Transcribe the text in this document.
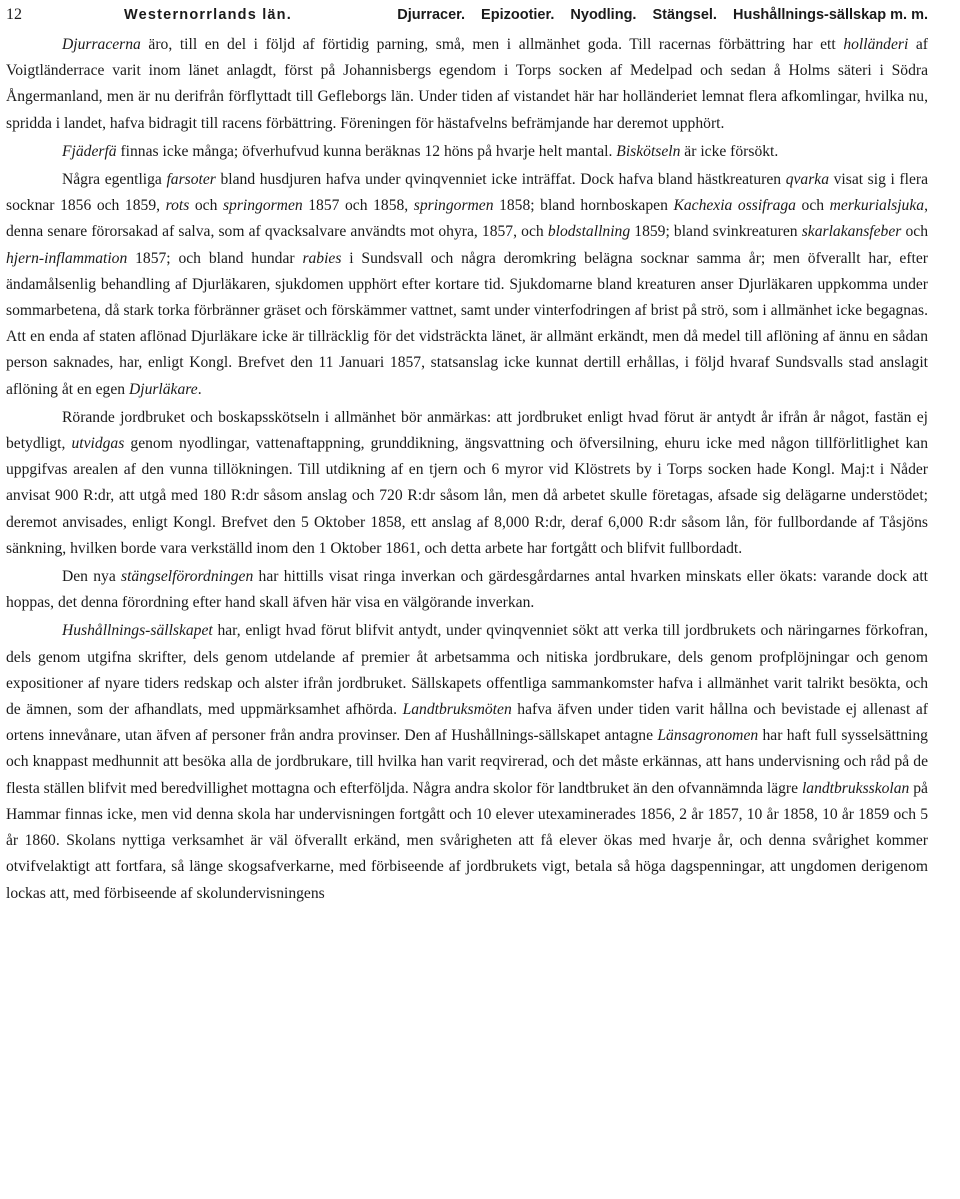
12	Westernorrlands län.	Djurracer. Epizootier. Nyodling. Stängsel. Hushållnings-sällskap m. m.

Djurracerna äro, till en del i följd af förtidig parning, små, men i allmänhet goda. Till racernas förbättring har ett holländeri af Voigtländerrace varit inom länet anlagdt, först på Johannisbergs egendom i Torps socken af Medelpad och sedan å Holms säteri i Södra Ångermanland, men är nu derifrån förflyttadt till Gefleborgs län. Under tiden af vistandet här har holländeriet lemnat flera afkomlingar, hvilka nu, spridda i landet, hafva bidragit till racens förbättring. Föreningen för hästafvelns befrämjande har deremot upphört.

Fjäderfä finnas icke många; öfverhufvud kunna beräknas 12 höns på hvarje helt mantal. Biskötseln är icke försökt.

Några egentliga farsoter bland husdjuren hafva under qvinqvenniet icke inträffat. Dock hafva bland hästkreaturen qvarka visat sig i flera socknar 1856 och 1859, rots och springormen 1857 och 1858, springormen 1858; bland hornboskapen Kachexia ossifraga och merkurialsjuka, denna senare förorsakad af salva, som af qvacksalvare användts mot ohyra, 1857, och blodstallning 1859; bland svinkreaturen skarlakansfeber och hjern-inflammation 1857; och bland hundar rabies i Sundsvall och några deromkring belägna socknar samma år; men öfverallt har, efter ändamålsenlig behandling af Djurläkaren, sjukdomen upphört efter kortare tid. Sjukdomarne bland kreaturen anser Djurläkaren uppkomma under sommarbetena, då stark torka förbränner gräset och förskämmer vattnet, samt under vinterfodringen af brist på strö, som i allmänhet icke begagnas. Att en enda af staten aflönad Djurläkare icke är tillräcklig för det vidsträckta länet, är allmänt erkändt, men då medel till aflöning af ännu en sådan person saknades, har, enligt Kongl. Brefvet den 11 Januari 1857, statsanslag icke kunnat dertill erhållas, i följd hvaraf Sundsvalls stad anslagit aflöning åt en egen Djurläkare.

Rörande jordbruket och boskapsskötseln i allmänhet bör anmärkas: att jordbruket enligt hvad förut är antydt år ifrån år något, fastän ej betydligt, utvidgas genom nyodlingar, vattenaftappning, grunddikning, ängsvattning och öfversilning, ehuru icke med någon tillförlitlighet kan uppgifvas arealen af den vunna tillökningen. Till utdikning af en tjern och 6 myror vid Klöstrets by i Torps socken hade Kongl. Maj:t i Nåder anvisat 900 R:dr, att utgå med 180 R:dr såsom anslag och 720 R:dr såsom lån, men då arbetet skulle företagas, afsade sig delägarne understödet; deremot anvisades, enligt Kongl. Brefvet den 5 Oktober 1858, ett anslag af 8,000 R:dr, deraf 6,000 R:dr såsom lån, för fullbordande af Tåsjöns sänkning, hvilken borde vara verkställd inom den 1 Oktober 1861, och detta arbete har fortgått och blifvit fullbordadt.

Den nya stängselförordningen har hittills visat ringa inverkan och gärdesgårdarnes antal hvarken minskats eller ökats: varande dock att hoppas, det denna förordning efter hand skall äfven här visa en välgörande inverkan.

Hushållnings-sällskapet har, enligt hvad förut blifvit antydt, under qvinqvenniet sökt att verka till jordbrukets och näringarnes förkofran, dels genom utgifna skrifter, dels genom utdelande af premier åt arbetsamma och nitiska jordbrukare, dels genom profplöjningar och genom expositioner af nyare tiders redskap och alster ifrån jordbruket. Sällskapets offentliga sammankomster hafva i allmänhet varit talrikt besökta, och de ämnen, som der afhandlats, med uppmärksamhet afhörda. Landtbruksmöten hafva äfven under tiden varit hållna och bevistade ej allenast af ortens innevånare, utan äfven af personer från andra provinser. Den af Hushållnings-sällskapet antagne Länsagronomen har haft full sysselsättning och knappast medhunnit att besöka alla de jordbrukare, till hvilka han varit reqvirerad, och det måste erkännas, att hans undervisning och råd på de flesta ställen blifvit med beredvillighet mottagna och efterföljda. Några andra skolor för landtbruket än den ofvannämnda lägre landtbruksskolan på Hammar finnas icke, men vid denna skola har undervisningen fortgått och 10 elever utexaminerades 1856, 2 år 1857, 10 år 1858, 10 år 1859 och 5 år 1860. Skolans nyttiga verksamhet är väl öfverallt erkänd, men svårigheten att få elever ökas med hvarje år, och denna svårighet kommer otvifvelaktigt att fortfara, så länge skogsafverkarne, med förbiseende af jordbrukets vigt, betala så höga dagspenningar, att ungdomen derigenom lockas att, med förbiseende af skolundervisningens
